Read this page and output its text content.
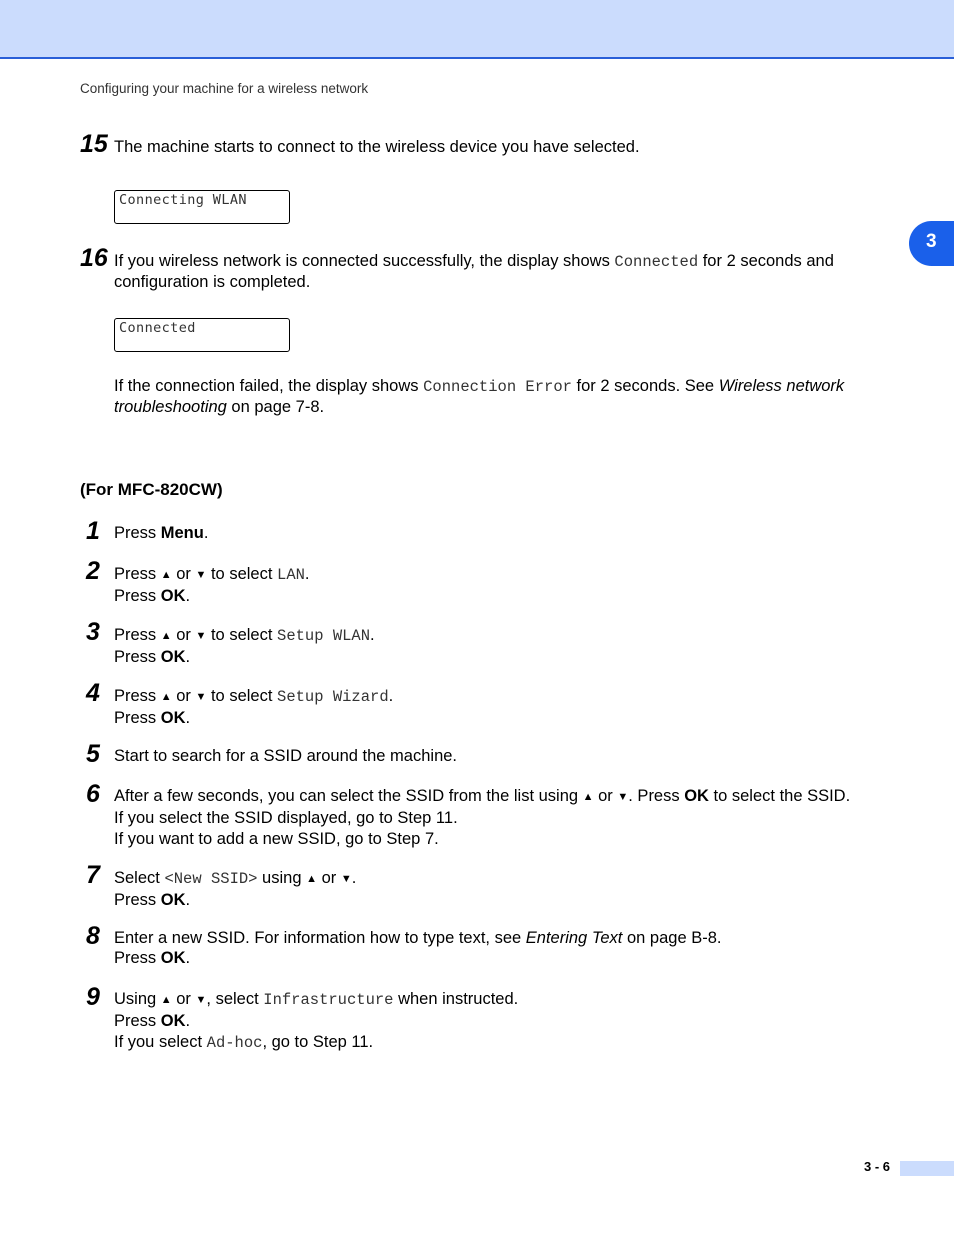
Configuring your machine for a wireless network
3
15 The machine starts to connect to the wireless device you have selected.
Connecting WLAN
16 If you wireless network is connected successfully, the display shows Connected for 2 seconds and
configuration is completed.
Connected
If the connection failed, the display shows Connection Error for 2 seconds. See Wireless network
troubleshooting on page 7-8.
(For MFC-820CW)
1 Press Menu.
2 Press ▲ or ▼ to select LAN.
Press OK.
3 Press ▲ or ▼ to select Setup WLAN.
Press OK.
4 Press ▲ or ▼ to select Setup Wizard.
Press OK.
5 Start to search for a SSID around the machine.
6 After a few seconds, you can select the SSID from the list using ▲ or ▼. Press OK to select the SSID.
If you select the SSID displayed, go to Step 11.
If you want to add a new SSID, go to Step 7.
7 Select <New SSID> using ▲ or ▼.
Press OK.
8 Enter a new SSID. For information how to type text, see Entering Text on page B-8.
Press OK.
9 Using ▲ or ▼, select Infrastructure when instructed.
Press OK.
If you select Ad-hoc, go to Step 11.
3 - 6
